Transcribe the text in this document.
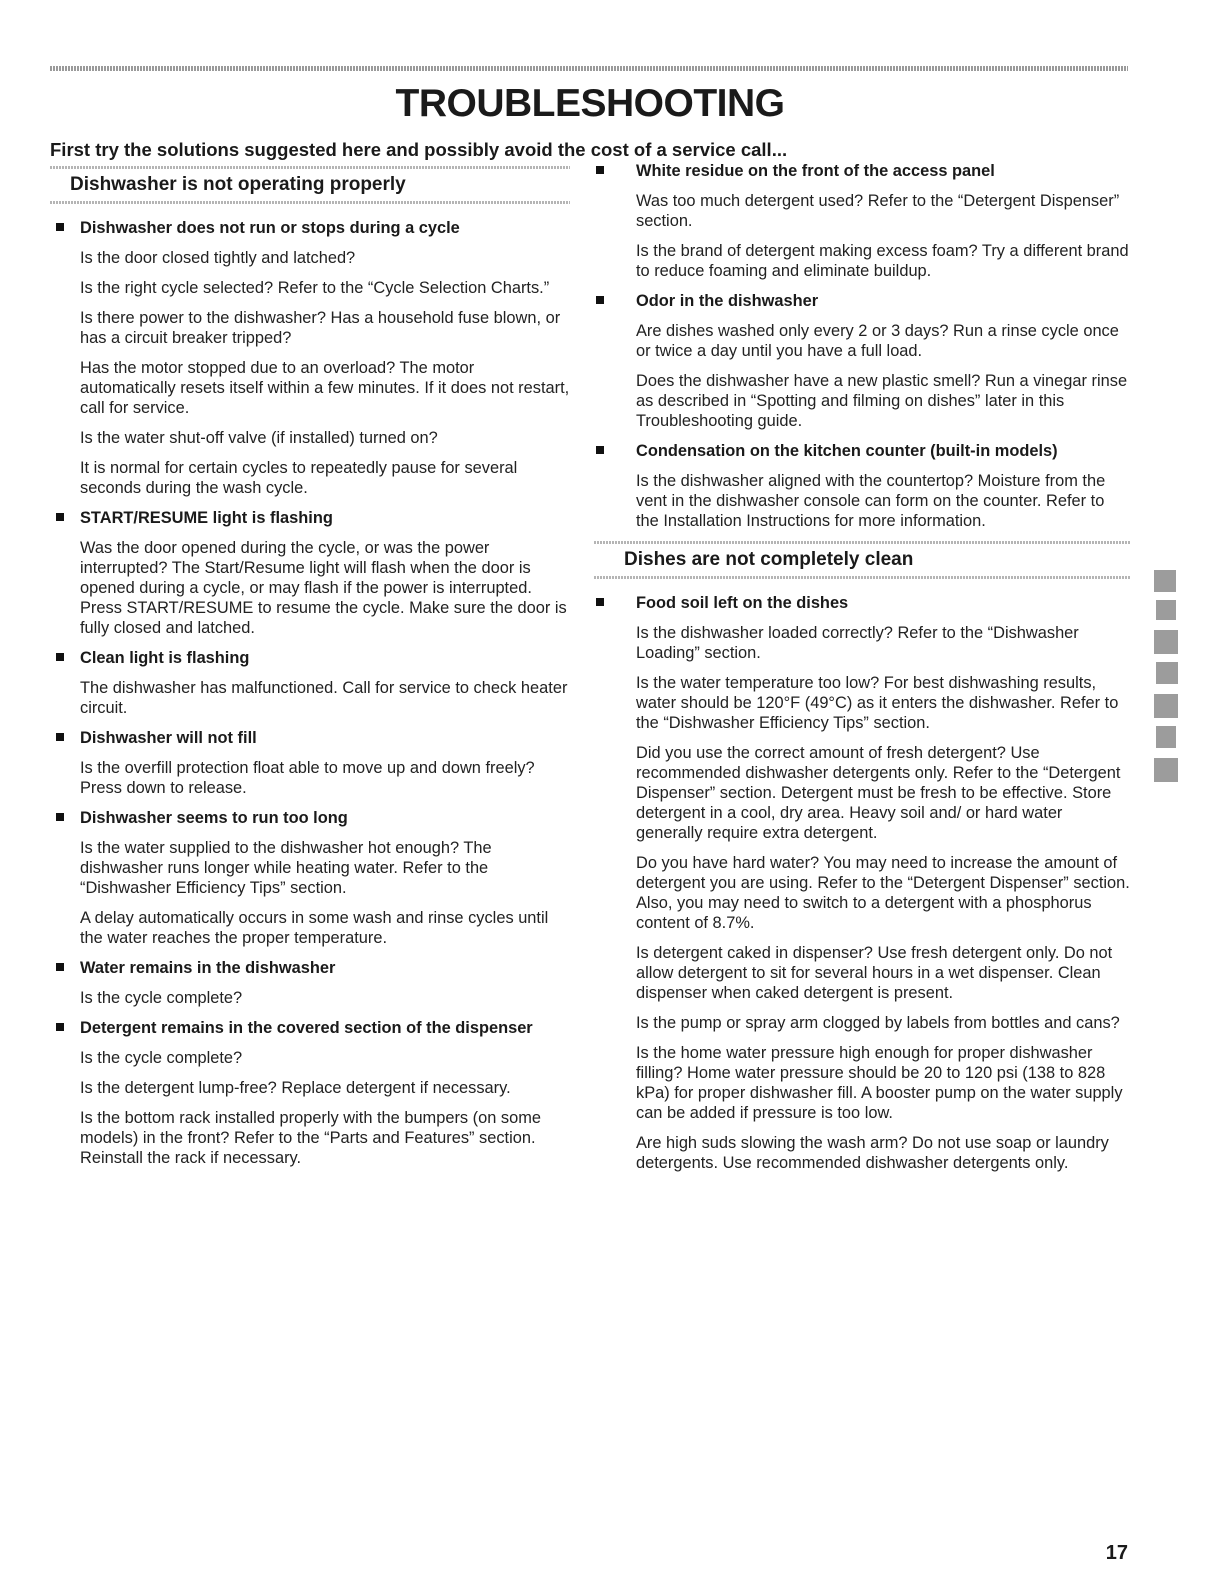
TROUBLESHOOTING

First try the solutions suggested here and possibly avoid the cost of a service call...

Dishwasher is not operating properly
Dishwasher does not run or stops during a cycle

Is the door closed tightly and latched?

Is the right cycle selected? Refer to the “Cycle Selection Charts.”

Is there power to the dishwasher? Has a household fuse blown, or has a circuit breaker tripped?

Has the motor stopped due to an overload? The motor automatically resets itself within a few minutes. If it does not restart, call for service.

Is the water shut-off valve (if installed) turned on?

It is normal for certain cycles to repeatedly pause for several seconds during the wash cycle.

START/RESUME light is flashing

Was the door opened during the cycle, or was the power interrupted? The Start/Resume light will flash when the door is opened during a cycle, or may flash if the power is interrupted. Press START/RESUME to resume the cycle. Make sure the door is fully closed and latched.

Clean light is flashing

The dishwasher has malfunctioned. Call for service to check heater circuit.

Dishwasher will not fill

Is the overfill protection float able to move up and down freely? Press down to release.

Dishwasher seems to run too long

Is the water supplied to the dishwasher hot enough? The dishwasher runs longer while heating water. Refer to the “Dishwasher Efficiency Tips” section.

A delay automatically occurs in some wash and rinse cycles until the water reaches the proper temperature.

Water remains in the dishwasher

Is the cycle complete?

Detergent remains in the covered section of the dispenser

Is the cycle complete?

Is the detergent lump-free? Replace detergent if necessary.

Is the bottom rack installed properly with the bumpers (on some models) in the front? Refer to the “Parts and Features” section. Reinstall the rack if necessary.

White residue on the front of the access panel

Was too much detergent used? Refer to the “Detergent Dispenser” section.

Is the brand of detergent making excess foam? Try a different brand to reduce foaming and eliminate buildup.

Odor in the dishwasher

Are dishes washed only every 2 or 3 days? Run a rinse cycle once or twice a day until you have a full load.

Does the dishwasher have a new plastic smell? Run a vinegar rinse as described in “Spotting and filming on dishes” later in this Troubleshooting guide.

Condensation on the kitchen counter (built-in models)

Is the dishwasher aligned with the countertop? Moisture from the vent in the dishwasher console can form on the counter. Refer to the Installation Instructions for more information.

Dishes are not completely clean
Food soil left on the dishes

Is the dishwasher loaded correctly? Refer to the “Dishwasher Loading” section.

Is the water temperature too low? For best dishwashing results, water should be 120°F (49°C) as it enters the dishwasher. Refer to the “Dishwasher Efficiency Tips” section.

Did you use the correct amount of fresh detergent? Use recommended dishwasher detergents only. Refer to the “Detergent Dispenser” section. Detergent must be fresh to be effective. Store detergent in a cool, dry area. Heavy soil and/ or hard water generally require extra detergent.

Do you have hard water? You may need to increase the amount of detergent you are using. Refer to the “Detergent Dispenser” section. Also, you may need to switch to a detergent with a phosphorus content of 8.7%.

Is detergent caked in dispenser? Use fresh detergent only. Do not allow detergent to sit for several hours in a wet dispenser. Clean dispenser when caked detergent is present.

Is the pump or spray arm clogged by labels from bottles and cans?

Is the home water pressure high enough for proper dishwasher filling? Home water pressure should be 20 to 120 psi (138 to 828 kPa) for proper dishwasher fill. A booster pump on the water supply can be added if pressure is too low.

Are high suds slowing the wash arm? Do not use soap or laundry detergents. Use recommended dishwasher detergents only.

17
